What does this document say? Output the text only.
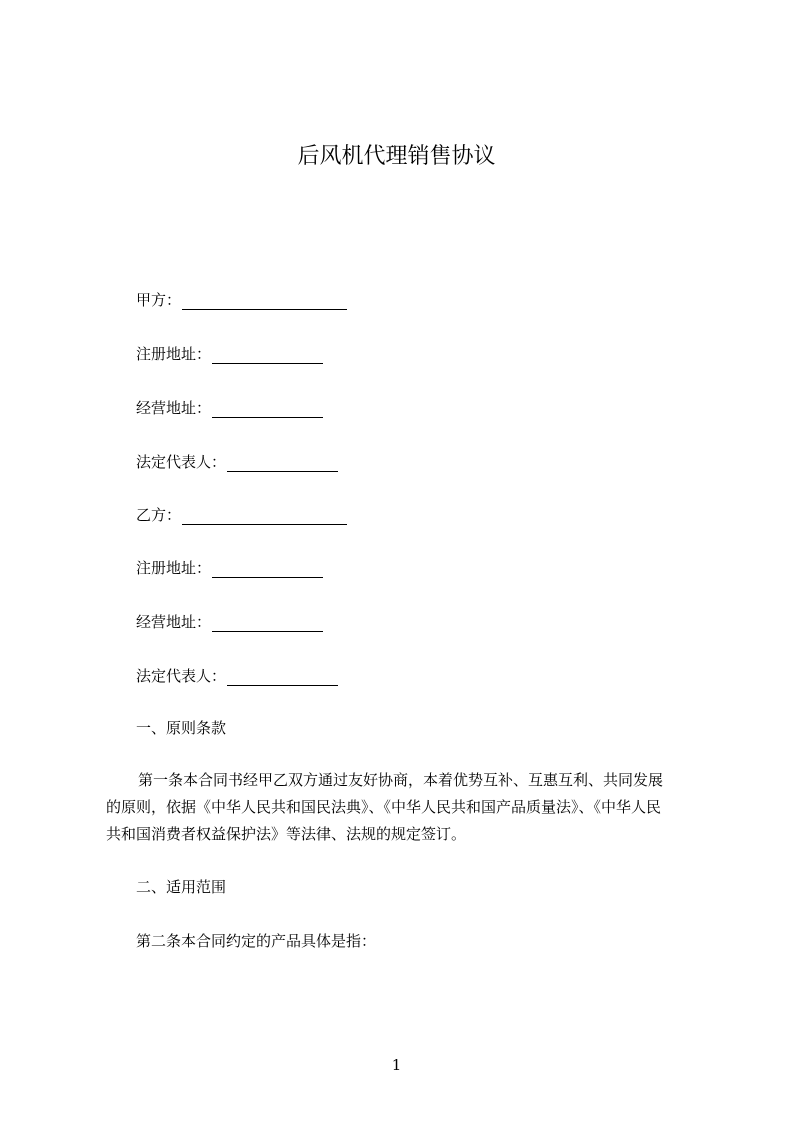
后风机代理销售协议
甲方：
注册地址：
经营地址：
法定代表人：
乙方：
注册地址：
经营地址：
法定代表人：
一、原则条款
第一条本合同书经甲乙双方通过友好协商，本着优势互补、互惠互利、共同发展
的原则，依据《中华人民共和国民法典》、《中华人民共和国产品质量法》、《中华人民
共和国消费者权益保护法》等法律、法规的规定签订。
二、适用范围
第二条本合同约定的产品具体是指：
1
